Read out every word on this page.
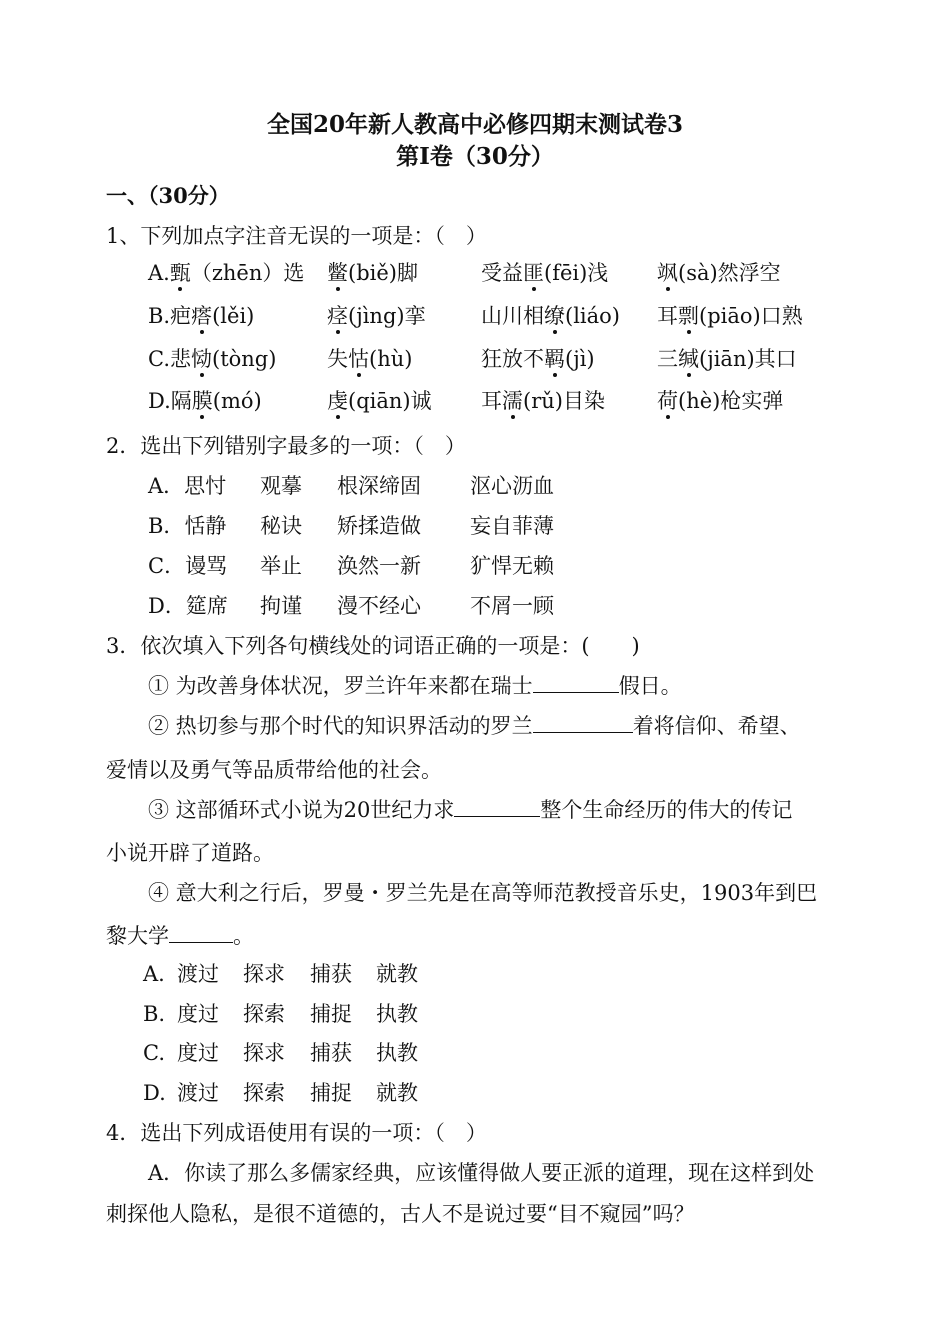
全国20年新人教高中必修四期末测试卷3
第Ⅰ卷（30分）
一、（30分）
1、下列加点字注音无误的一项是：（　）
A.甄（zhēn）选 鳖(biě)脚	受益匪(fēi)浅 飒(sà)然浮空
B.疤瘩(lěi)	痉(jìng)挛	山川相缭(liáo) 耳剽(piāo)口熟
C.悲恸(tòng) 失怙(hù)	狂放不羁(jì)	三缄(jiān)其口
D.隔膜(mó)	虔(qiān)诚 耳濡(rǔ)目染 荷(hè)枪实弹
2．选出下列错别字最多的一项：（　）
A．思忖 观摹 根深缔固 沤心沥血
B．恬静 秘诀 矫揉造做 妄自菲薄
C．谩骂 举止 涣然一新 犷悍无赖
D．筵席 拘谨 漫不经心 不屑一顾
3．依次填入下列各句横线处的词语正确的一项是：(　　)
① 为改善身体状况，罗兰许年来都在瑞士	假日。
② 热切参与那个时代的知识界活动的罗兰	着将信仰、希望、
爱情以及勇气等品质带给他的社会。
③ 这部循环式小说为20世纪力求	整个生命经历的伟大的传记
小说开辟了道路。
④ 意大利之行后，罗曼・罗兰先是在高等师范教授音乐史，1903年到巴
黎大学	。
A. 渡过 探求 捕获 就教
B. 度过 探索 捕捉 执教
C. 度过 探求 捕获 执教
D. 渡过 探索 捕捉 就教
4．选出下列成语使用有误的一项：（　）
A．你读了那么多儒家经典，应该懂得做人要正派的道理，现在这样到处
刺探他人隐私，是很不道德的，古人不是说过要“目不窥园”吗？
